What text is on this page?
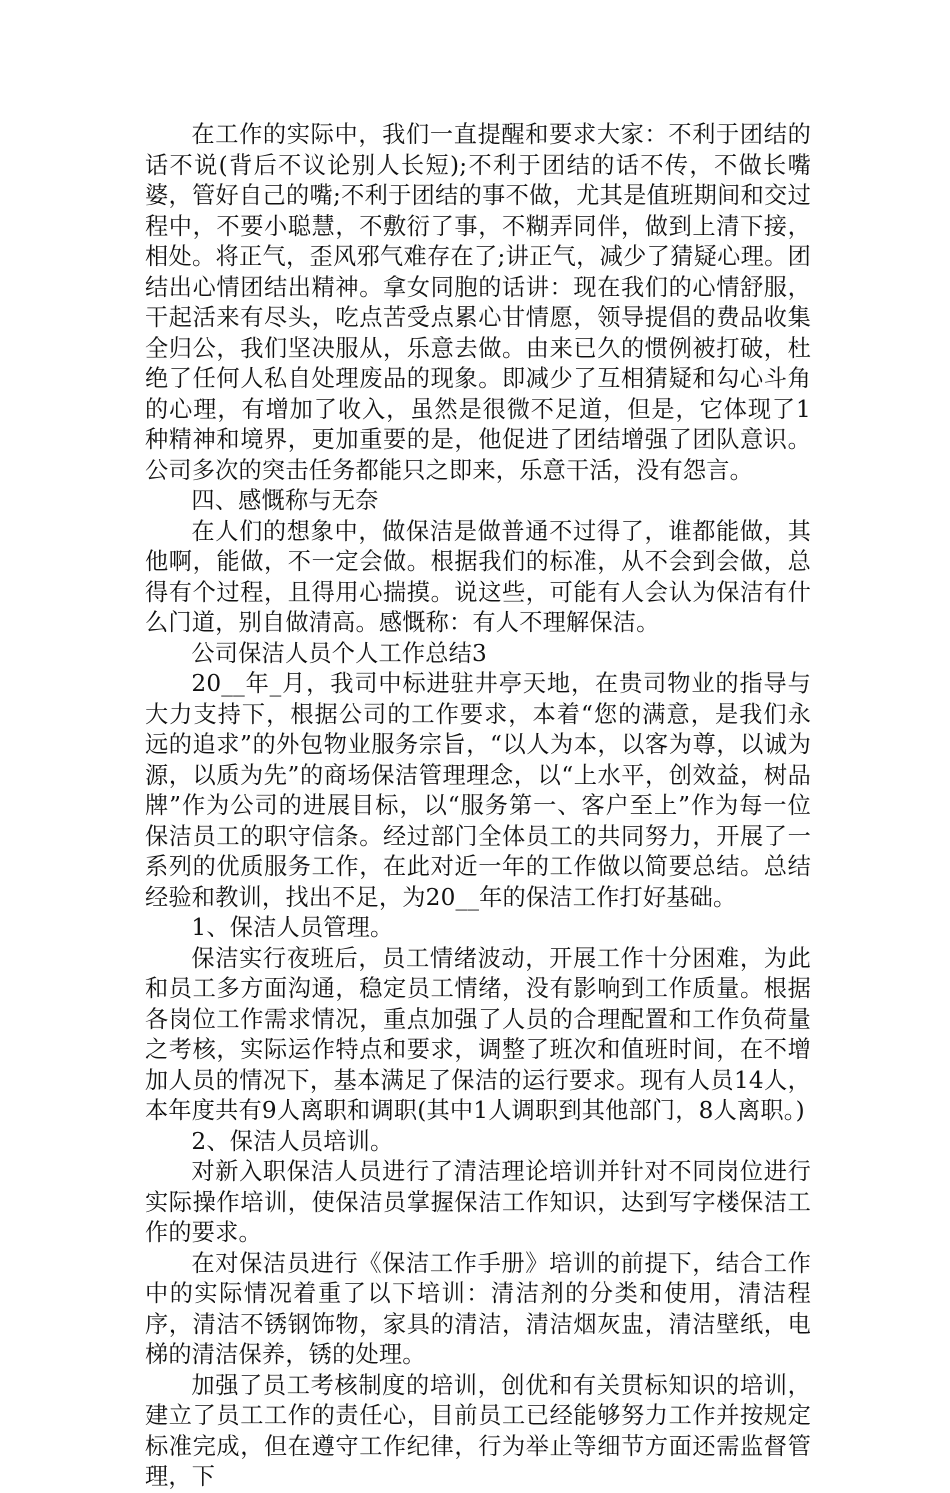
在工作的实际中，我们一直提醒和要求大家：不利于团结的话不说(背后不议论别人长短);不利于团结的话不传，不做长嘴婆，管好自己的嘴;不利于团结的事不做，尤其是值班期间和交过程中，不要小聪慧，不敷衍了事，不糊弄同伴，做到上清下接，相处。将正气，歪风邪气难存在了;讲正气，减少了猜疑心理。团结出心情团结出精神。拿女同胞的话讲：现在我们的心情舒服，干起活来有尽头，吃点苦受点累心甘情愿，领导提倡的费品收集全归公，我们坚决服从，乐意去做。由来已久的惯例被打破，杜绝了任何人私自处理废品的现象。即减少了互相猜疑和勾心斗角的心理，有增加了收入，虽然是很微不足道，但是，它体现了1种精神和境界，更加重要的是，他促进了团结增强了团队意识。公司多次的突击任务都能只之即来，乐意干活，没有怨言。

四、感慨称与无奈

在人们的想象中，做保洁是做普通不过得了，谁都能做，其他啊，能做，不一定会做。根据我们的标准，从不会到会做，总得有个过程，且得用心揣摸。说这些，可能有人会认为保洁有什么门道，别自做清高。感慨称：有人不理解保洁。

公司保洁人员个人工作总结3

20__年_月，我司中标进驻井亭天地，在贵司物业的指导与大力支持下，根据公司的工作要求，本着“您的满意，是我们永远的追求”的外包物业服务宗旨，“以人为本，以客为尊，以诚为源，以质为先”的商场保洁管理理念，以“上水平，创效益，树品牌”作为公司的进展目标，以“服务第一、客户至上”作为每一位保洁员工的职守信条。经过部门全体员工的共同努力，开展了一系列的优质服务工作，在此对近一年的工作做以简要总结。总结经验和教训，找出不足，为20__年的保洁工作打好基础。

1、保洁人员管理。

保洁实行夜班后，员工情绪波动，开展工作十分困难，为此和员工多方面沟通，稳定员工情绪，没有影响到工作质量。根据各岗位工作需求情况，重点加强了人员的合理配置和工作负荷量之考核，实际运作特点和要求，调整了班次和值班时间，在不增加人员的情况下，基本满足了保洁的运行要求。现有人员14人，本年度共有9人离职和调职(其中1人调职到其他部门，8人离职。)

2、保洁人员培训。

对新入职保洁人员进行了清洁理论培训并针对不同岗位进行实际操作培训，使保洁员掌握保洁工作知识，达到写字楼保洁工作的要求。

在对保洁员进行《保洁工作手册》培训的前提下，结合工作中的实际情况着重了以下培训：清洁剂的分类和使用，清洁程序，清洁不锈钢饰物，家具的清洁，清洁烟灰盅，清洁壁纸，电梯的清洁保养，锈的处理。

加强了员工考核制度的培训，创优和有关贯标知识的培训，建立了员工工作的责任心，目前员工已经能够努力工作并按规定标准完成，但在遵守工作纪律，行为举止等细节方面还需监督管理，下
